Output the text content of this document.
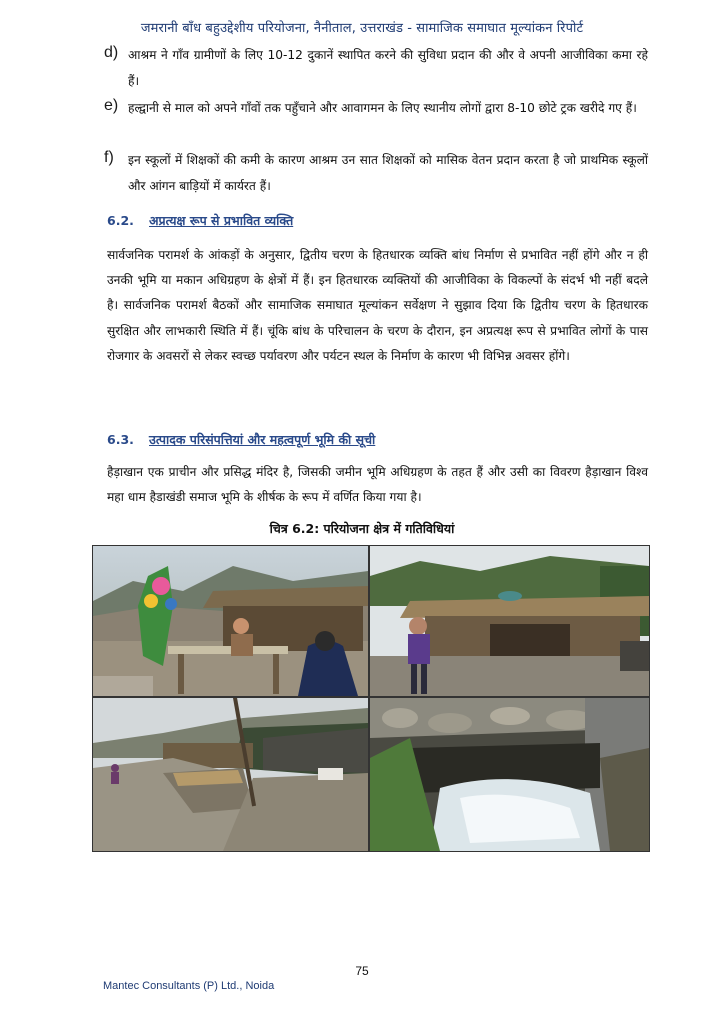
जमरानी बाँध बहुउद्देशीय परियोजना, नैनीताल, उत्तराखंड - सामाजिक समाघात मूल्यांकन रिपोर्ट
d) आश्रम ने गाँव ग्रामीणों के लिए 10-12 दुकानें स्थापित करने की सुविधा प्रदान की और वे अपनी आजीविका कमा रहे हैं।
e) हल्द्वानी से माल को अपने गाँवों तक पहुँचाने और आवागमन के लिए स्थानीय लोगों द्वारा 8-10 छोटे ट्रक खरीदे गए हैं।
f) इन स्कूलों में शिक्षकों की कमी के कारण आश्रम उन सात शिक्षकों को मासिक वेतन प्रदान करता है जो प्राथमिक स्कूलों और आंगन बाड़ियों में कार्यरत हैं।
6.2. अप्रत्यक्ष रूप से प्रभावित व्यक्ति
सार्वजनिक परामर्श के आंकड़ों के अनुसार, द्वितीय चरण के हितधारक व्यक्ति बांध निर्माण से प्रभावित नहीं होंगे और न ही उनकी भूमि या मकान अधिग्रहण के क्षेत्रों में हैं। इन हितधारक व्यक्तियों की आजीविका के विकल्पों के संदर्भ भी नहीं बदले है। सार्वजनिक परामर्श बैठकों और सामाजिक समाघात मूल्यांकन सर्वेक्षण ने सुझाव दिया कि द्वितीय चरण के हितधारक सुरक्षित और लाभकारी स्थिति में हैं। चूंकि बांध के परिचालन के चरण के दौरान, इन अप्रत्यक्ष रूप से प्रभावित लोगों के पास रोजगार के अवसरों से लेकर स्वच्छ पर्यावरण और पर्यटन स्थल के निर्माण के कारण भी विभिन्न अवसर होंगे।
6.3. उत्पादक परिसंपत्तियां और महत्वपूर्ण भूमि की सूची
हैड़ाखान एक प्राचीन और प्रसिद्ध मंदिर है, जिसकी जमीन भूमि अधिग्रहण के तहत हैं और उसी का विवरण हैड़ाखान विश्व महा धाम हैडाखंडी समाज भूमि के शीर्षक के रूप में वर्णित किया गया है।
चित्र 6.2: परियोजना क्षेत्र में गतिविधियां
75
Mantec Consultants (P) Ltd., Noida
